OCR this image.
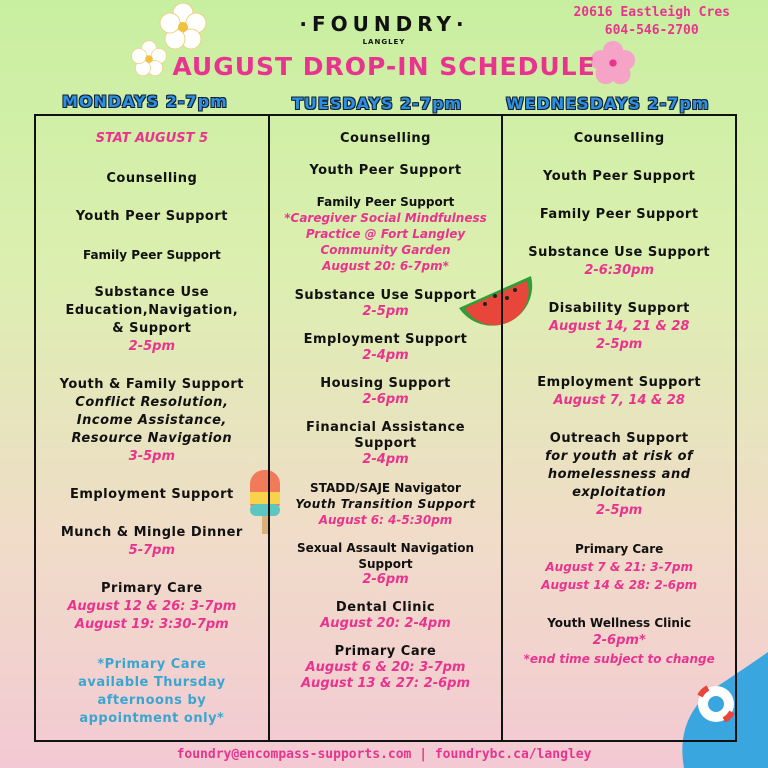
·FOUNDRY·
LANGLEY
20616 Eastleigh Cres
604-546-2700
AUGUST DROP-IN SCHEDULE
MONDAYS 2-7pm	TUESDAYS 2-7pm	WEDNESDAYS 2-7pm
STAT AUGUST 5
Counselling
Youth Peer Support
Family Peer Support
Substance Use
Education,Navigation,
& Support
2-5pm
Youth & Family Support
Conflict Resolution,
Income Assistance,
Resource Navigation
3-5pm
Employment Support
Munch & Mingle Dinner
5-7pm
Primary Care
August 12 & 26: 3-7pm
August 19: 3:30-7pm
*Primary Care
available Thursday
afternoons by
appointment only*
Counselling
Youth Peer Support
Family Peer Support
*Caregiver Social Mindfulness
Practice @ Fort Langley
Community Garden
August 20: 6-7pm*
Substance Use Support
2-5pm
Employment Support
2-4pm
Housing Support
2-6pm
Financial Assistance
Support
2-4pm
STADD/SAJE Navigator
Youth Transition Support
August 6: 4-5:30pm
Sexual Assault Navigation Support
2-6pm
Dental Clinic
August 20: 2-4pm
Primary Care
August 6 & 20: 3-7pm
August 13 & 27: 2-6pm
Counselling
Youth Peer Support
Family Peer Support
Substance Use Support
2-6:30pm
Disability Support
August 14, 21 & 28
2-5pm
Employment Support
August 7, 14 & 28
Outreach Support
for youth at risk of
homelessness and
exploitation
2-5pm
Primary Care
August 7 & 21: 3-7pm
August 14 & 28: 2-6pm
Youth Wellness Clinic
2-6pm*
*end time subject to change
foundry@encompass-supports.com | foundrybc.ca/langley
